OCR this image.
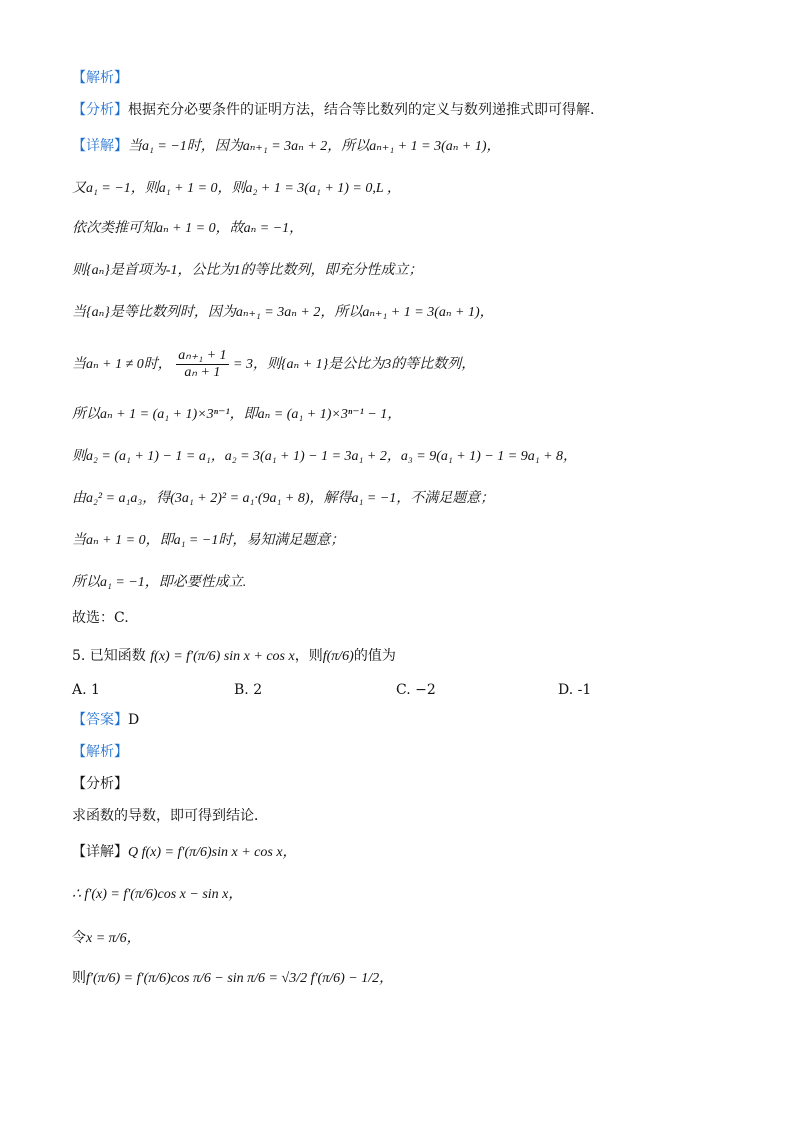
【解析】
【分析】根据充分必要条件的证明方法，结合等比数列的定义与数列递推式即可得解.
【详解】当a₁ = −1时，因为aₙ₊₁ = 3aₙ + 2，所以aₙ₊₁ + 1 = 3(aₙ + 1)，
又a₁ = −1，则a₁ + 1 = 0，则a₂ + 1 = 3(a₁ + 1) = 0,L ，
依次类推可知aₙ + 1 = 0，故aₙ = −1，
则{aₙ}是首项为-1，公比为1的等比数列，即充分性成立；
当{aₙ}是等比数列时，因为aₙ₊₁ = 3aₙ + 2，所以aₙ₊₁ + 1 = 3(aₙ + 1)，
当aₙ + 1 ≠ 0时， $\frac{\text{aₙ₊₁ + 1}}{\text{aₙ + 1}} = 3$，则{aₙ + 1}是公比为3的等比数列，
所以aₙ + 1 = (a₁ + 1)×3ⁿ⁻¹，即aₙ = (a₁ + 1)×3ⁿ⁻¹ − 1，
则a₂ = (a₁ + 1) − 1 = a₁，a₂ = 3(a₁ + 1) − 1 = 3a₁ + 2，a₃ = 9(a₁ + 1) − 1 = 9a₁ + 8，
由a₂² = a₁a₃，得(3a₁ + 2)² = a₁·(9a₁ + 8)，解得a₁ = −1，不满足题意；
当aₙ + 1 = 0，即a₁ = −1时，易知满足题意；
所以a₁ = −1，即必要性成立.
故选：C.
5. 已知函数 f(x) = f′(π/6) sin x + cos x，则f(π/6)的值为
A. 1	B. 2	C. −2	D. -1
【答案】D
【解析】
【分析】
求函数的导数，即可得到结论．
【详解】Q f(x) = f′(π/6)sin x + cos x，
∴ f′(x) = f′(π/6)cos x − sin x，
令x = π/6，
则f′(π/6) = f′(π/6)cos π/6 − sin π/6 = √3/2 f′(π/6) − 1/2，
